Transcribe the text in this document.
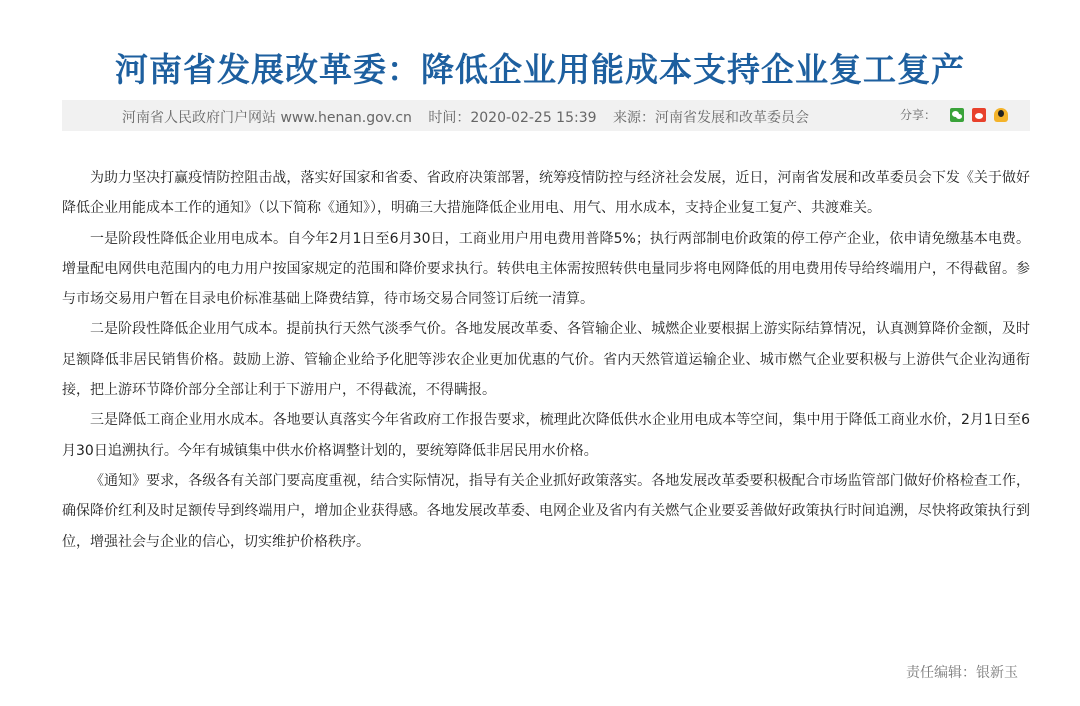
河南省发展改革委：降低企业用能成本支持企业复工复产
河南省人民政府门户网站 www.henan.gov.cn 时间：2020-02-25 15:39 来源：河南省发展和改革委员会	分享：

为助力坚决打赢疫情防控阻击战，落实好国家和省委、省政府决策部署，统筹疫情防控与经济社会发展，近日，河南省发展和改革委员会下发《关于做好降低企业用能成本工作的通知》（以下简称《通知》），明确三大措施降低企业用电、用气、用水成本，支持企业复工复产、共渡难关。

一是阶段性降低企业用电成本。自今年2月1日至6月30日，工商业用户用电费用普降5%；执行两部制电价政策的停工停产企业，依申请免缴基本电费。增量配电网供电范围内的电力用户按国家规定的范围和降价要求执行。转供电主体需按照转供电量同步将电网降低的用电费用传导给终端用户，不得截留。参与市场交易用户暂在目录电价标准基础上降费结算，待市场交易合同签订后统一清算。

二是阶段性降低企业用气成本。提前执行天然气淡季气价。各地发展改革委、各管输企业、城燃企业要根据上游实际结算情况，认真测算降价金额，及时足额降低非居民销售价格。鼓励上游、管输企业给予化肥等涉农企业更加优惠的气价。省内天然管道运输企业、城市燃气企业要积极与上游供气企业沟通衔接，把上游环节降价部分全部让利于下游用户，不得截流，不得瞒报。

三是降低工商企业用水成本。各地要认真落实今年省政府工作报告要求，梳理此次降低供水企业用电成本等空间，集中用于降低工商业水价，2月1日至6月30日追溯执行。今年有城镇集中供水价格调整计划的，要统筹降低非居民用水价格。

《通知》要求，各级各有关部门要高度重视，结合实际情况，指导有关企业抓好政策落实。各地发展改革委要积极配合市场监管部门做好价格检查工作，确保降价红利及时足额传导到终端用户，增加企业获得感。各地发展改革委、电网企业及省内有关燃气企业要妥善做好政策执行时间追溯，尽快将政策执行到位，增强社会与企业的信心，切实维护价格秩序。

责任编辑：银新玉
